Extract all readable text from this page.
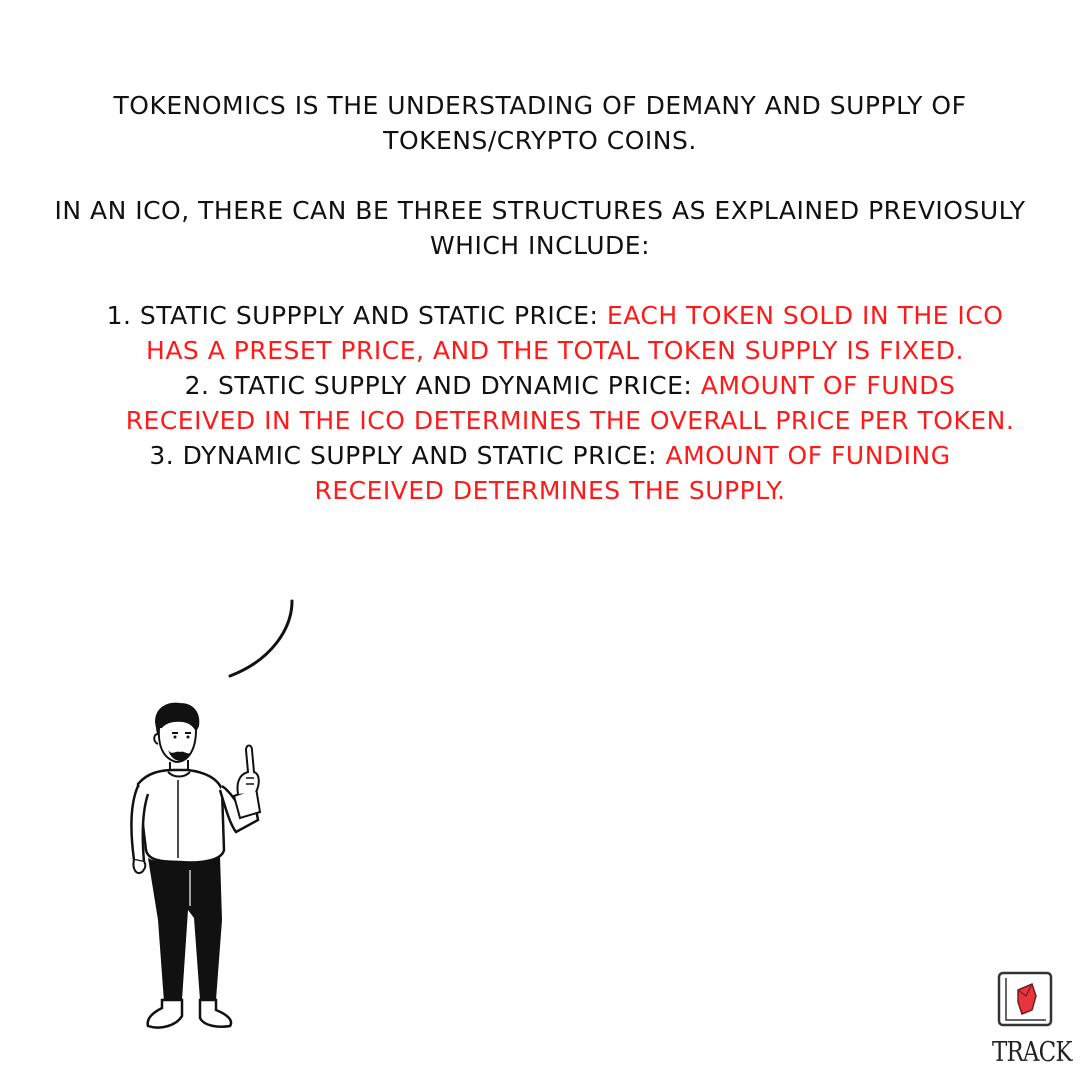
TOKENOMICS IS THE UNDERSTADING OF DEMANY AND SUPPLY OF TOKENS/CRYPTO COINS.
IN AN ICO, THERE CAN BE THREE STRUCTURES AS EXPLAINED PREVIOSULY WHICH INCLUDE:
1. STATIC SUPPPLY AND STATIC PRICE: EACH TOKEN SOLD IN THE ICO HAS A PRESET PRICE, AND THE TOTAL TOKEN SUPPLY IS FIXED.
2. STATIC SUPPLY AND DYNAMIC PRICE: AMOUNT OF FUNDS RECEIVED IN THE ICO DETERMINES THE OVERALL PRICE PER TOKEN.
3. DYNAMIC SUPPLY AND STATIC PRICE: AMOUNT OF FUNDING RECEIVED DETERMINES THE SUPPLY.
TRACK
